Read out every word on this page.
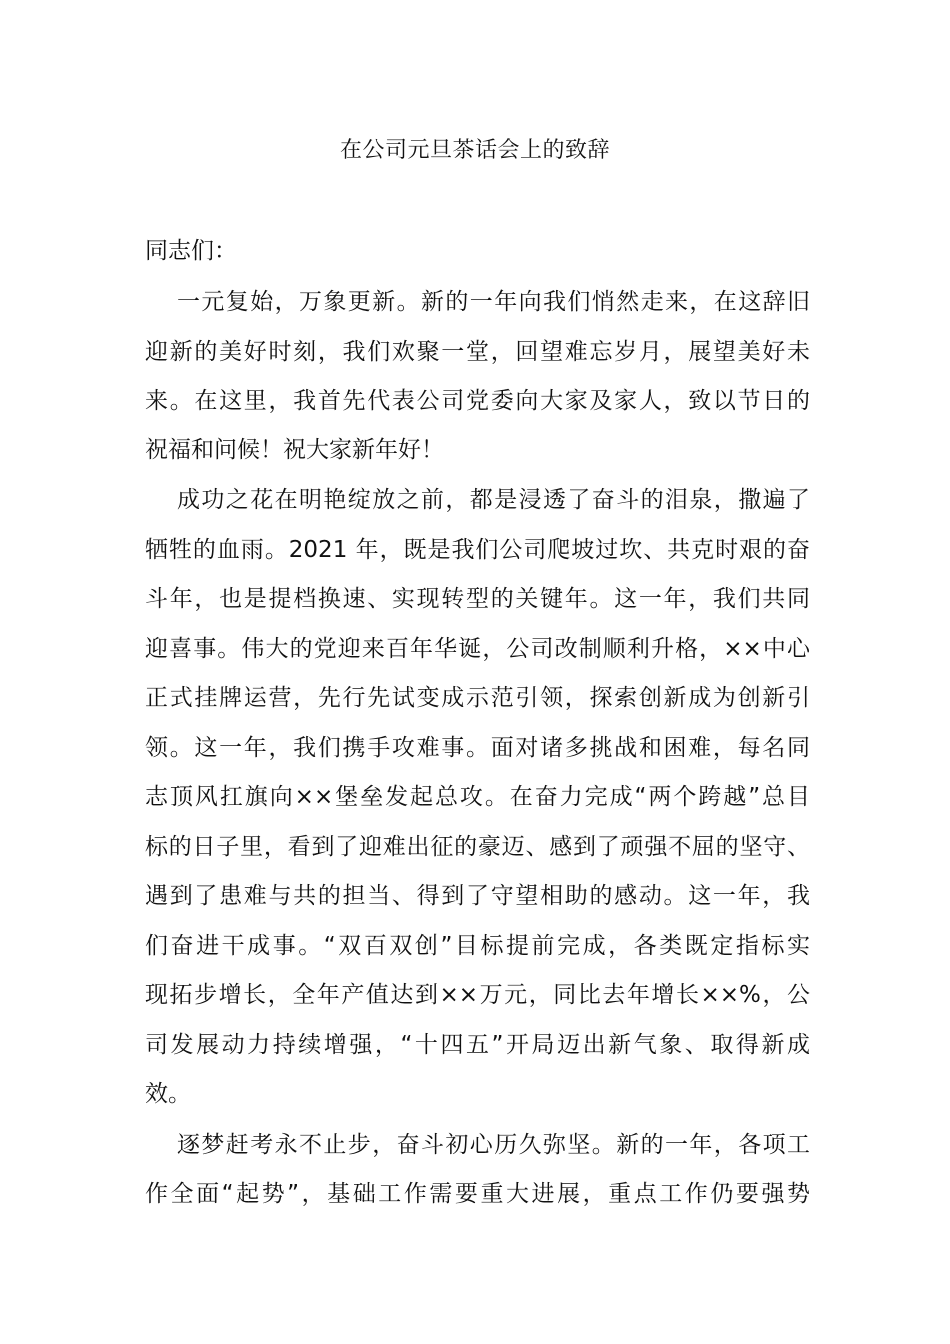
在公司元旦茶话会上的致辞
同志们：
一元复始，万象更新。新的一年向我们悄然走来，在这辞旧
迎新的美好时刻，我们欢聚一堂，回望难忘岁月，展望美好未
来。在这里，我首先代表公司党委向大家及家人，致以节日的
祝福和问候！祝大家新年好！
成功之花在明艳绽放之前，都是浸透了奋斗的泪泉，撒遍了
牺牲的血雨。2021 年，既是我们公司爬坡过坎、共克时艰的奋
斗年，也是提档换速、实现转型的关键年。这一年，我们共同
迎喜事。伟大的党迎来百年华诞，公司改制顺利升格，××中心
正式挂牌运营，先行先试变成示范引领，探索创新成为创新引
领。这一年，我们携手攻难事。面对诸多挑战和困难，每名同
志顶风扛旗向××堡垒发起总攻。在奋力完成“两个跨越”总目
标的日子里，看到了迎难出征的豪迈、感到了顽强不屈的坚守、
遇到了患难与共的担当、得到了守望相助的感动。这一年，我
们奋进干成事。“双百双创”目标提前完成，各类既定指标实
现拓步增长，全年产值达到××万元，同比去年增长××%，公
司发展动力持续增强，“十四五”开局迈出新气象、取得新成
效。
逐梦赶考永不止步，奋斗初心历久弥坚。新的一年，各项工
作全面“起势”，基础工作需要重大进展，重点工作仍要强势
